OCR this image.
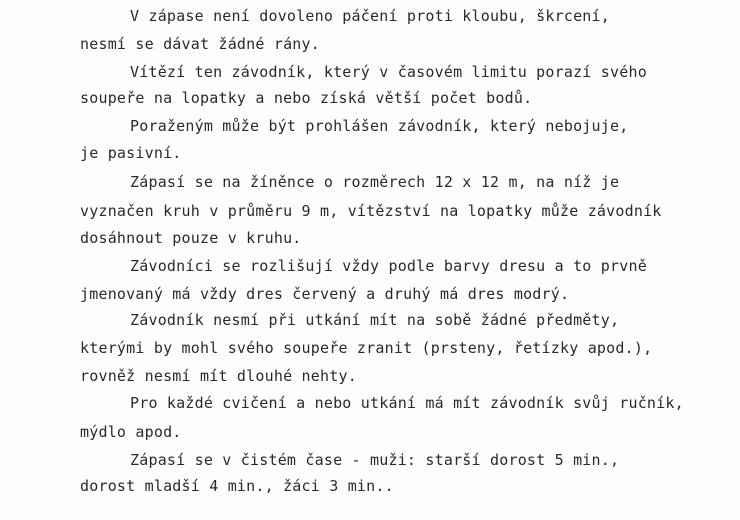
V zápase není dovoleno páčení proti kloubu, škrcení,
nesmí se dávat žádné rány.
Vítězí ten závodník, který v časovém limitu porazí svého
soupeře na lopatky a nebo získá větší počet bodů.
Poraženým může být prohlášen závodník, který nebojuje,
je pasivní.
Zápasí se na žíněnce o rozměrech 12 x 12 m, na níž je
vyznačen kruh v průměru 9 m, vítězství na lopatky může závodník
dosáhnout pouze v kruhu.
Závodníci se rozlišují vždy podle barvy dresu a to prvně
jmenovaný má vždy dres červený a druhý má dres modrý.
Závodník nesmí při utkání mít na sobě žádné předměty,
kterými by mohl svého soupeře zranit (prsteny, řetízky apod.),
rovněž nesmí mít dlouhé nehty.
Pro každé cvičení a nebo utkání má mít závodník svůj ručník,
mýdlo apod.
Zápasí se v čistém čase - muži: starší dorost 5 min.,
dorost mladší 4 min., žáci 3 min..
